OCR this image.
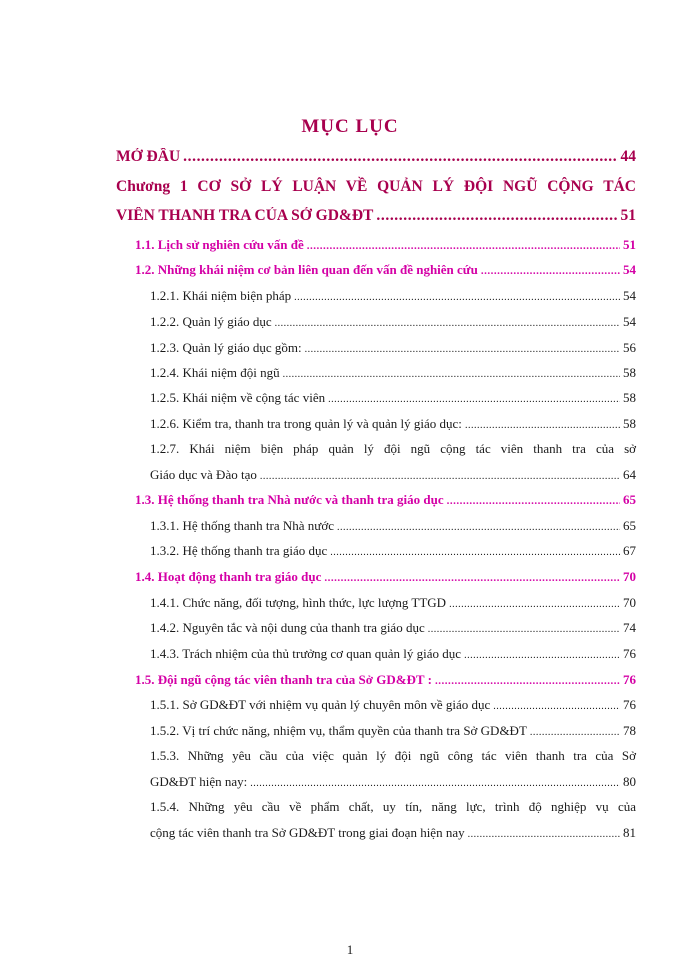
MỤC LỤC
MỞ ĐẦU .....	44
Chương 1 CƠ SỞ LÝ LUẬN VỀ QUẢN LÝ ĐỘI NGŨ CỘNG TÁC
VIÊN THANH TRA CỦA SỞ GD&ĐT .....	51
1.1. Lịch sử nghiên cứu vấn đề .....	51
1.2. Những khái niệm cơ bản liên quan đến vấn đề nghiên cứu .....	54
1.2.1. Khái niệm biện pháp .....	54
1.2.2. Quản lý giáo dục .....	54
1.2.3. Quản lý giáo dục gồm: .....	56
1.2.4. Khái niệm đội ngũ .....	58
1.2.5. Khái niệm về cộng tác viên .....	58
1.2.6. Kiểm tra, thanh tra trong quản lý và quản lý giáo dục: .....	58
1.2.7. Khái niệm biện pháp quản lý đội ngũ cộng tác viên thanh tra của sở
Giáo dục và Đào tạo .....	64
1.3. Hệ thống thanh tra Nhà nước và thanh tra giáo dục .....	65
1.3.1. Hệ thống thanh tra Nhà nước .....	65
1.3.2. Hệ thống thanh tra giáo dục .....	67
1.4. Hoạt động thanh tra giáo dục .....	70
1.4.1. Chức năng, đối tượng, hình thức, lực lượng TTGD .....	70
1.4.2. Nguyên tắc và nội dung của thanh tra giáo dục .....	74
1.4.3. Trách nhiệm của thủ trưởng cơ quan quản lý giáo dục .....	76
1.5. Đội ngũ cộng tác viên thanh tra của Sở GD&ĐT : .....	76
1.5.1. Sở GD&ĐT với nhiệm vụ quản lý chuyên môn về giáo dục .....	76
1.5.2. Vị trí chức năng, nhiệm vụ, thẩm quyền của thanh tra Sở GD&ĐT .....	78
1.5.3. Những yêu cầu của việc quản lý đội ngũ công tác viên thanh tra của Sở
GD&ĐT hiện nay: .....	80
1.5.4. Những yêu cầu về phẩm chất, uy tín, năng lực, trình độ nghiệp vụ của
cộng tác viên thanh tra Sở GD&ĐT trong giai đoạn hiện nay .....	81
1
